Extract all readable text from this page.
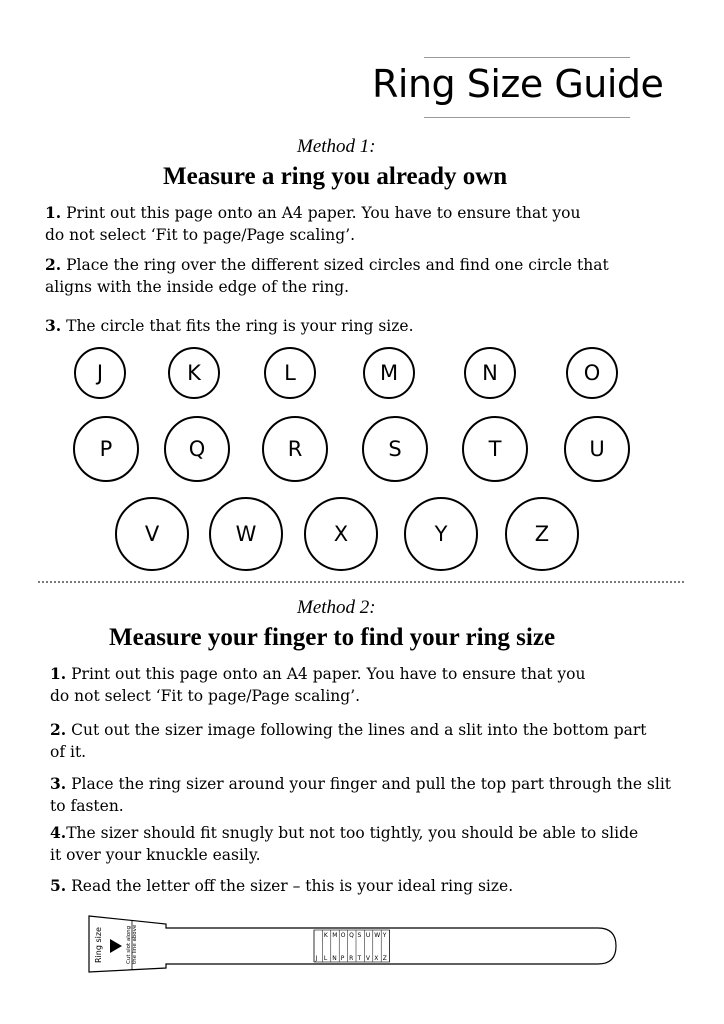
Ring Size Guide
Method 1:
Measure a ring you already own
1. Print out this page onto an A4 paper. You have to ensure that you do not select ‘Fit to page/Page scaling’.
2. Place the ring over the different sized circles and find one circle that aligns with the inside edge of the ring.
3. The circle that fits the ring is your ring size.
J	K	L	M	N	O
P	Q	R	S	T	U
V	W	X	Y	Z
Method 2:
Measure your finger to find your ring size
1. Print out this page onto an A4 paper. You have to ensure that you do not select ‘Fit to page/Page scaling’.
2. Cut out the sizer image following the lines and a slit into the bottom part of it.
3. Place the ring sizer around your finger and pull the top part through the slit to fasten.
4.The sizer should fit snugly but not too tightly, you should be able to slide it over your knuckle easily.
5. Read the letter off the sizer – this is your ideal ring size.
Ring size	Cut slot along the line above	K M O Q S U W Y
J L N P R T V X Z
